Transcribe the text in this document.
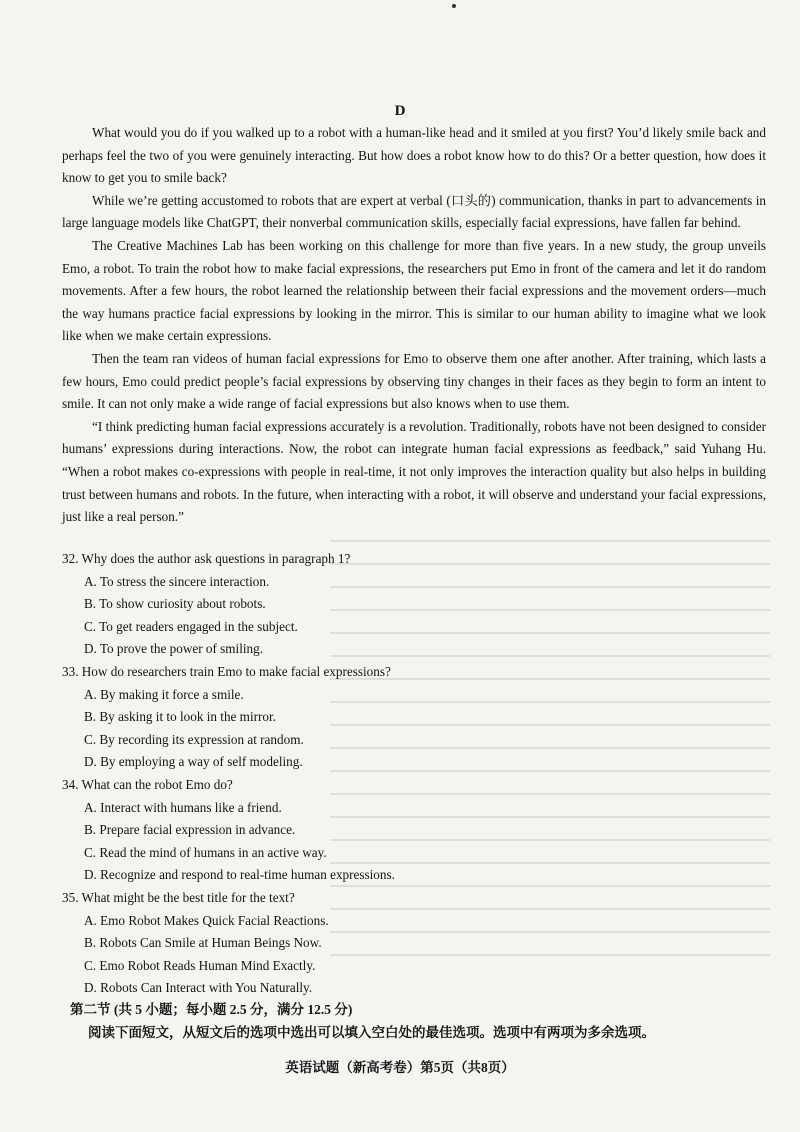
D

What would you do if you walked up to a robot with a human-like head and it smiled at you first? You’d likely smile back and perhaps feel the two of you were genuinely interacting. But how does a robot know how to do this? Or a better question, how does it know to get you to smile back?

While we’re getting accustomed to robots that are expert at verbal (口头的) communication, thanks in part to advancements in large language models like ChatGPT, their nonverbal communication skills, especially facial expressions, have fallen far behind.

The Creative Machines Lab has been working on this challenge for more than five years. In a new study, the group unveils Emo, a robot. To train the robot how to make facial expressions, the researchers put Emo in front of the camera and let it do random movements. After a few hours, the robot learned the relationship between their facial expressions and the movement orders—much the way humans practice facial expressions by looking in the mirror. This is similar to our human ability to imagine what we look like when we make certain expressions.

Then the team ran videos of human facial expressions for Emo to observe them one after another. After training, which lasts a few hours, Emo could predict people’s facial expressions by observing tiny changes in their faces as they begin to form an intent to smile. It can not only make a wide range of facial expressions but also knows when to use them.

“I think predicting human facial expressions accurately is a revolution. Traditionally, robots have not been designed to consider humans’ expressions during interactions. Now, the robot can integrate human facial expressions as feedback,” said Yuhang Hu. “When a robot makes co-expressions with people in real-time, it not only improves the interaction quality but also helps in building trust between humans and robots. In the future, when interacting with a robot, it will observe and understand your facial expressions, just like a real person.”

32. Why does the author ask questions in paragraph 1?

A. To stress the sincere interaction.
B. To show curiosity about robots.
C. To get readers engaged in the subject.
D. To prove the power of smiling.

33. How do researchers train Emo to make facial expressions?

A. By making it force a smile.
B. By asking it to look in the mirror.
C. By recording its expression at random.
D. By employing a way of self modeling.

34. What can the robot Emo do?

A. Interact with humans like a friend.
B. Prepare facial expression in advance.
C. Read the mind of humans in an active way.
D. Recognize and respond to real-time human expressions.

35. What might be the best title for the text?

A. Emo Robot Makes Quick Facial Reactions.
B. Robots Can Smile at Human Beings Now.
C. Emo Robot Reads Human Mind Exactly.
D. Robots Can Interact with You Naturally.

第二节 (共 5 小题；每小题 2.5 分，满分 12.5 分)

阅读下面短文，从短文后的选项中选出可以填入空白处的最佳选项。选项中有两项为多余选项。

英语试题（新高考卷）第5页（共8页）
